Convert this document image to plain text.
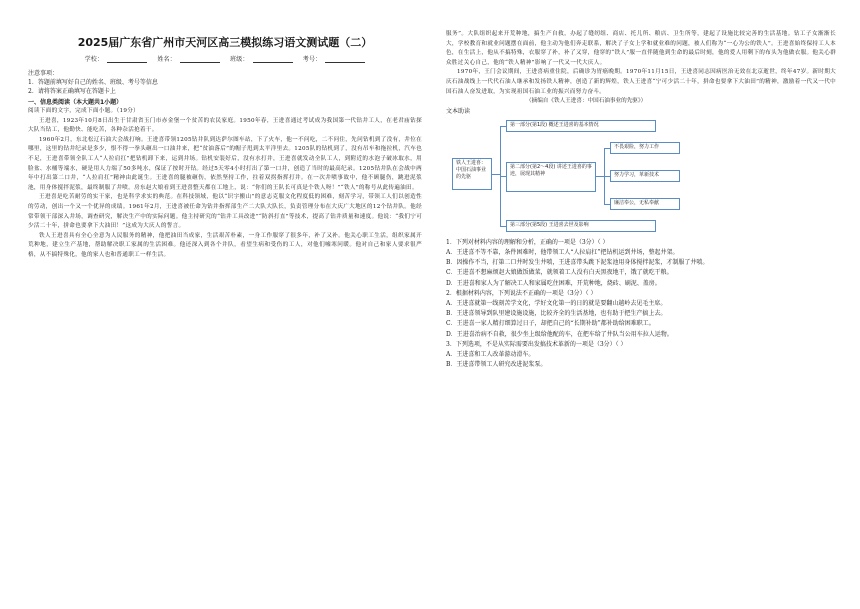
2025届广东省广州市天河区高三模拟练习语文测试题（二）
学校：	姓名：	班级：	考号：
注意事项：
1．答题前填写好自己的姓名、班级、考号等信息
2．请将答案正确填写在答题卡上
一、信息类阅读（本大题共1小题）
阅读下面的文字，完成下面小题。（19分）
王进喜，1923年10月8日出生于甘肃省玉门市赤金堡一个贫苦的农民家庭。1950年春，王进喜通过考试成为我国第一代钻井工人，在老君庙钻探大队当钻工，他勤快、能吃苦，各种杂活抢着干。
1960年2月，东北松辽石油大会战打响。王进喜带领1205钻井队到达萨尔图车站，下了火车，他一不问吃，二不问住，先问钻机到了没有，井位在哪里，这里的钻井纪录是多少，恨不得一拳头砸出一口油井来，把“贫油落后”的帽子甩到太平洋里去。1205队的钻机到了，没有吊车和拖拉机，汽车也不足，王进喜带领全队工人“人拉肩扛”把钻机卸下来，运到井场。钻机安装好后，没有水打井，王进喜就发动全队工人，到附近的水泡子破冰取水，用脸盆、水桶等端水，硬是用人力端了50多吨水，保证了按时开钻。经过5天零4小时打出了第一口井，创造了当时的最高纪录。1205钻井队在会战中两年中打出第二口井，“人拉肩扛”精神由此诞生。王进喜的腿被砸伤，依然坚持工作，拄着双拐指挥打井。在一次井喷事故中，他不顾腿伤，跳进泥浆池，用身体搅拌泥浆，最终制服了井喷。房东赵大娘看到王进喜整天都在工地上，说：“你们的王队长可真是个铁人呀！”“铁人”的称号从此传遍油田。
王进喜是吃苦耐劳的实干家，也是科学求实的典范。在科技领域，他以“识字搬山”的意志克服文化程度低的困难，刻苦学习，带领工人们以创造性的劳动，创出一个又一个优异的成绩。1961年2月，王进喜被任命为钻井指挥部生产二大队大队长，负责管理分布在大庆广大地区的12个钻井队。他经常带领干部深入井场，调查研究，解决生产中的实际问题。他主持研究的“钻井工具改进”“防斜打直”等技术，提高了钻井质量和速度。他说：“我们宁可少活二十年，拼命也要拿下大油田！”这成为大庆人的誓言。
铁人王进喜具有全心全意为人民服务的精神，他把油田当成家，生活艰苦朴素，一身工作服穿了很多年，补了又补。他关心职工生活，组织家属开荒种地，建立生产基地，帮助解决职工家属的生活困难。他还深入到各个井队，看望生病和受伤的工人，对他们嘘寒问暖。他对自己和家人要求很严格，从不搞特殊化，他的家人也和普通职工一样生活。
服务”。大队组织起来开荒种地，搞生产自救，办起了缝纫组、商店、托儿所、粮店、卫生所等，建起了设施比较完善的生活基地。钻工子女渐渐长大，学校教育和就业问题摆在面前，他主动为他们奔走联系，解决了子女上学和就业难的问题，被人们称为“一心为公的铁人”。王进喜始终保持工人本色，在生活上，他从不搞特殊，衣服穿了补，补了又穿，他穿的“铁人”服一直伴随他到生命的最后时刻，他的爱人用剩下的布头为他做衣服。他关心群众胜过关心自己，他的“铁人精神”影响了一代又一代大庆人。
1970年，王门会议期间，王进喜病重住院，后确诊为胃癌晚期。1970年11月15日，王进喜同志因病医治无效在北京逝世，终年47岁。新时期大庆石油战线上一代代石油人继承和发扬铁人精神，创造了新的辉煌，铁人王进喜“宁可少活二十年，拼命也要拿下大油田”的精神，激励着一代又一代中国石油人奋发进取，为实现祖国石油工业的振兴而努力奋斗。
（摘编自《铁人王进喜：中国石油事业的先驱》）
文本助读
铁人王进喜：中国石油事业的先驱
第一部分(第1段) 概述王进喜的基本情况
第二部分(第2～4段) 讲述王进喜的事迹，展现其精神
第三部分(第5段) 王进喜去世及影响
不畏艰险，努力工作
努力学习，革新技术
廉洁奉公，无私奉献
1．下列对材料内容的理解和分析，正确的一项是（3分）（ ）
A．王进喜不等不靠，条件困难时，他带领工人“人拉肩扛”把钻机运到井场，整起井架。
B．因操作不当，打第二口井时发生井喷，王进喜带头跳下泥浆池用身体搅拌泥浆，才制服了井喷。
C．王进喜不想麻烦赵大娘做饭做菜，就领着工人没有白天黑夜地干，饿了就吃干粮。
D．王进喜和家人为了解决工人和家属吃住困难，开荒种地，烧砖、刷泥、盖房。
2．根据材料内容，下列说法不正确的一项是（3分）（ ）
A．王进喜就第一线刻苦学文化，学好文化第一的日的就是要翻山越岭去见毛主席。
B．王进喜领导到队里建设施设施，比较齐全的生活基地，也有助于把生产搞上去。
C．王进喜一家人精打细算过日子，却把自己的“长期补助”都补助给困难职工。
D．王进喜治病不自救，很少坐上级给他配的车，在把车给了井队当公用车拉人运物。
3．下列选项，不是从实际需要出发搞技术革新的一项是（3分）（ ）
A．王进喜和工人改革游动滑车。
B．王进喜带领工人研究改进泥浆泵。
